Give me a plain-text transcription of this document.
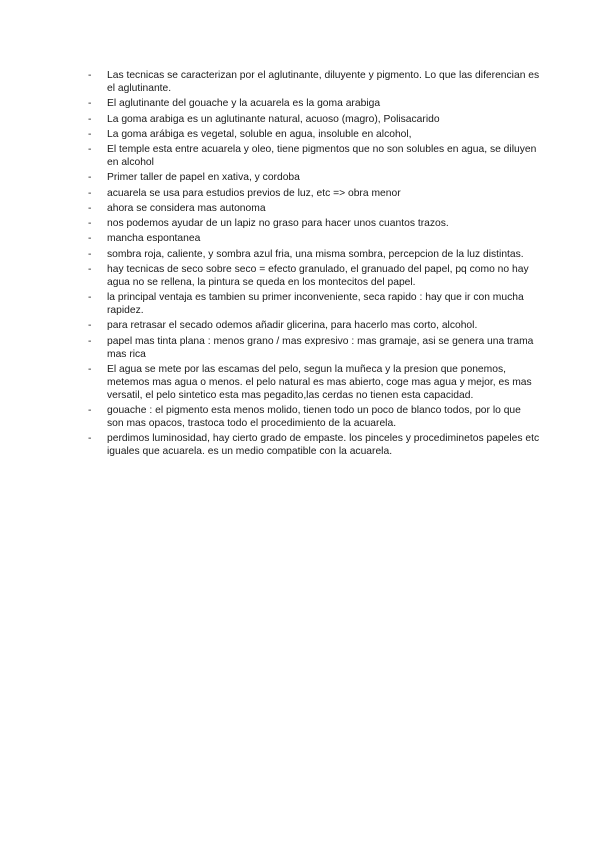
-	Las tecnicas se caracterizan por el aglutinante, diluyente y pigmento. Lo que las diferencian es el aglutinante.
-	El aglutinante del gouache y la acuarela es la goma arabiga
-	La goma arabiga es un aglutinante natural, acuoso (magro), Polisacarido
-	La goma arábiga es vegetal, soluble en agua, insoluble en alcohol,
-	El temple esta entre acuarela y oleo, tiene pigmentos que no son solubles en agua, se diluyen en alcohol
-	Primer taller de papel en xativa, y cordoba
-	acuarela se usa para estudios previos de luz, etc => obra menor
-	ahora se considera mas autonoma
-	nos podemos ayudar de un lapiz no graso para hacer unos cuantos trazos.
-	mancha espontanea
-	sombra roja, caliente, y sombra azul fria, una misma sombra, percepcion de la luz distintas.
-	hay tecnicas de seco sobre seco = efecto granulado, el granuado del papel, pq como no hay agua no se rellena, la pintura se queda en los montecitos del papel.
-	la principal ventaja es tambien su primer inconveniente, seca rapido : hay que ir con mucha rapidez.
-	para retrasar el secado odemos añadir glicerina, para hacerlo mas corto, alcohol.
-	papel mas tinta plana : menos grano / mas expresivo : mas gramaje, asi se genera una trama mas rica
-	El agua se mete por las escamas del pelo, segun la muñeca y la presion que ponemos, metemos mas agua o menos. el pelo natural es mas abierto, coge mas agua y mejor, es mas versatil, el pelo sintetico esta mas pegadito,las cerdas no tienen esta capacidad.
-	gouache : el pigmento esta menos molido, tienen todo un poco de blanco todos, por lo que son mas opacos, trastoca todo el procedimiento de la acuarela.
-	perdimos luminosidad, hay cierto grado de empaste. los pinceles y procediminetos papeles etc iguales que acuarela. es un medio compatible con la acuarela.
